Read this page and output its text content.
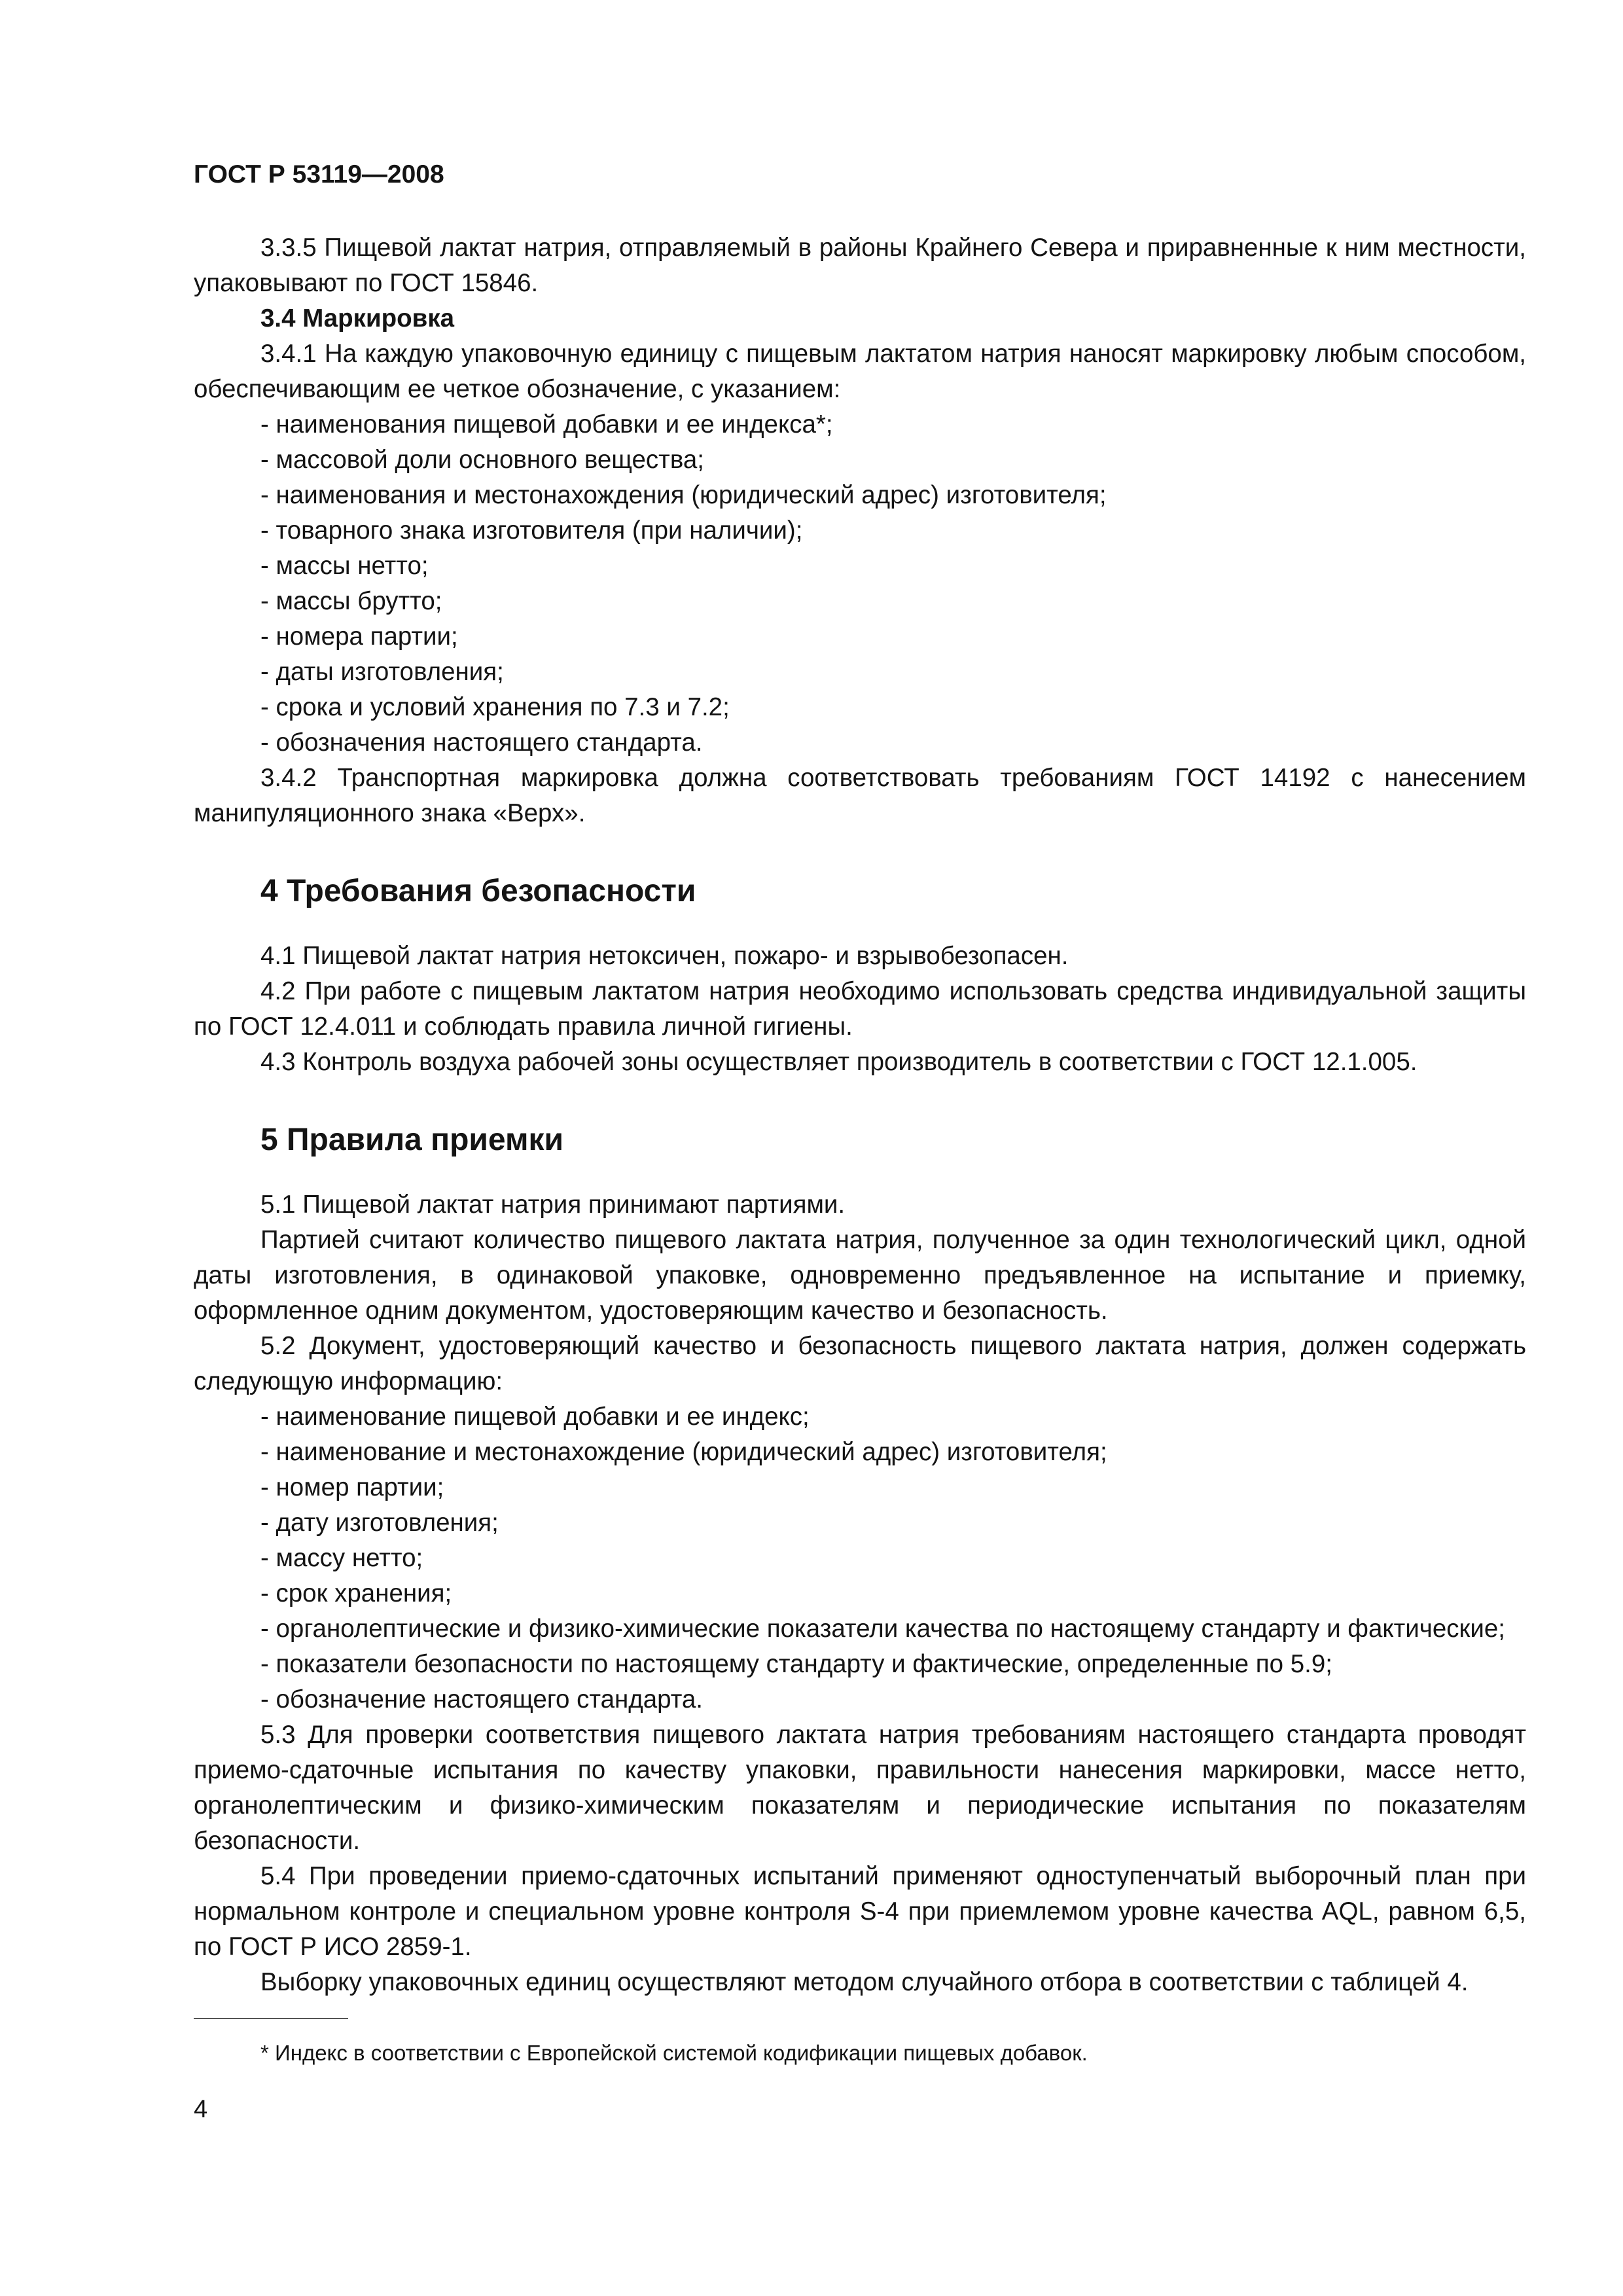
ГОСТ Р 53119—2008

3.3.5 Пищевой лактат натрия, отправляемый в районы Крайнего Севера и приравненные к ним местности, упаковывают по ГОСТ 15846.

3.4 Маркировка

3.4.1 На каждую упаковочную единицу с пищевым лактатом натрия наносят маркировку любым способом, обеспечивающим ее четкое обозначение, с указанием:

- наименования пищевой добавки и ее индекса*;

- массовой доли основного вещества;

- наименования и местонахождения (юридический адрес) изготовителя;

- товарного знака изготовителя (при наличии);

- массы нетто;

- массы брутто;

- номера партии;

- даты изготовления;

- срока и условий хранения по 7.3 и 7.2;

- обозначения настоящего стандарта.

3.4.2 Транспортная маркировка должна соответствовать требованиям ГОСТ 14192 с нанесением манипуляционного знака «Верх».

4 Требования безопасности

4.1 Пищевой лактат натрия нетоксичен, пожаро- и взрывобезопасен.

4.2 При работе с пищевым лактатом натрия необходимо использовать средства индивидуальной защиты по ГОСТ 12.4.011 и соблюдать правила личной гигиены.

4.3 Контроль воздуха рабочей зоны осуществляет производитель в соответствии с ГОСТ 12.1.005.

5 Правила приемки

5.1 Пищевой лактат натрия принимают партиями.

Партией считают количество пищевого лактата натрия, полученное за один технологический цикл, одной даты изготовления, в одинаковой упаковке, одновременно предъявленное на испытание и приемку, оформленное одним документом, удостоверяющим качество и безопасность.

5.2 Документ, удостоверяющий качество и безопасность пищевого лактата натрия, должен содержать следующую информацию:

- наименование пищевой добавки и ее индекс;

- наименование и местонахождение (юридический адрес) изготовителя;

- номер партии;

- дату изготовления;

- массу нетто;

- срок хранения;

- органолептические и физико-химические показатели качества по настоящему стандарту и фактические;

- показатели безопасности по настоящему стандарту и фактические, определенные по 5.9;

- обозначение настоящего стандарта.

5.3 Для проверки соответствия пищевого лактата натрия требованиям настоящего стандарта проводят приемо-сдаточные испытания по качеству упаковки, правильности нанесения маркировки, массе нетто, органолептическим и физико-химическим показателям и периодические испытания по показателям безопасности.

5.4 При проведении приемо-сдаточных испытаний применяют одноступенчатый выборочный план при нормальном контроле и специальном уровне контроля S-4 при приемлемом уровне качества AQL, равном 6,5, по ГОСТ Р ИСО 2859-1.

Выборку упаковочных единиц осуществляют методом случайного отбора в соответствии с таблицей 4.

* Индекс в соответствии с Европейской системой кодификации пищевых добавок.
4
